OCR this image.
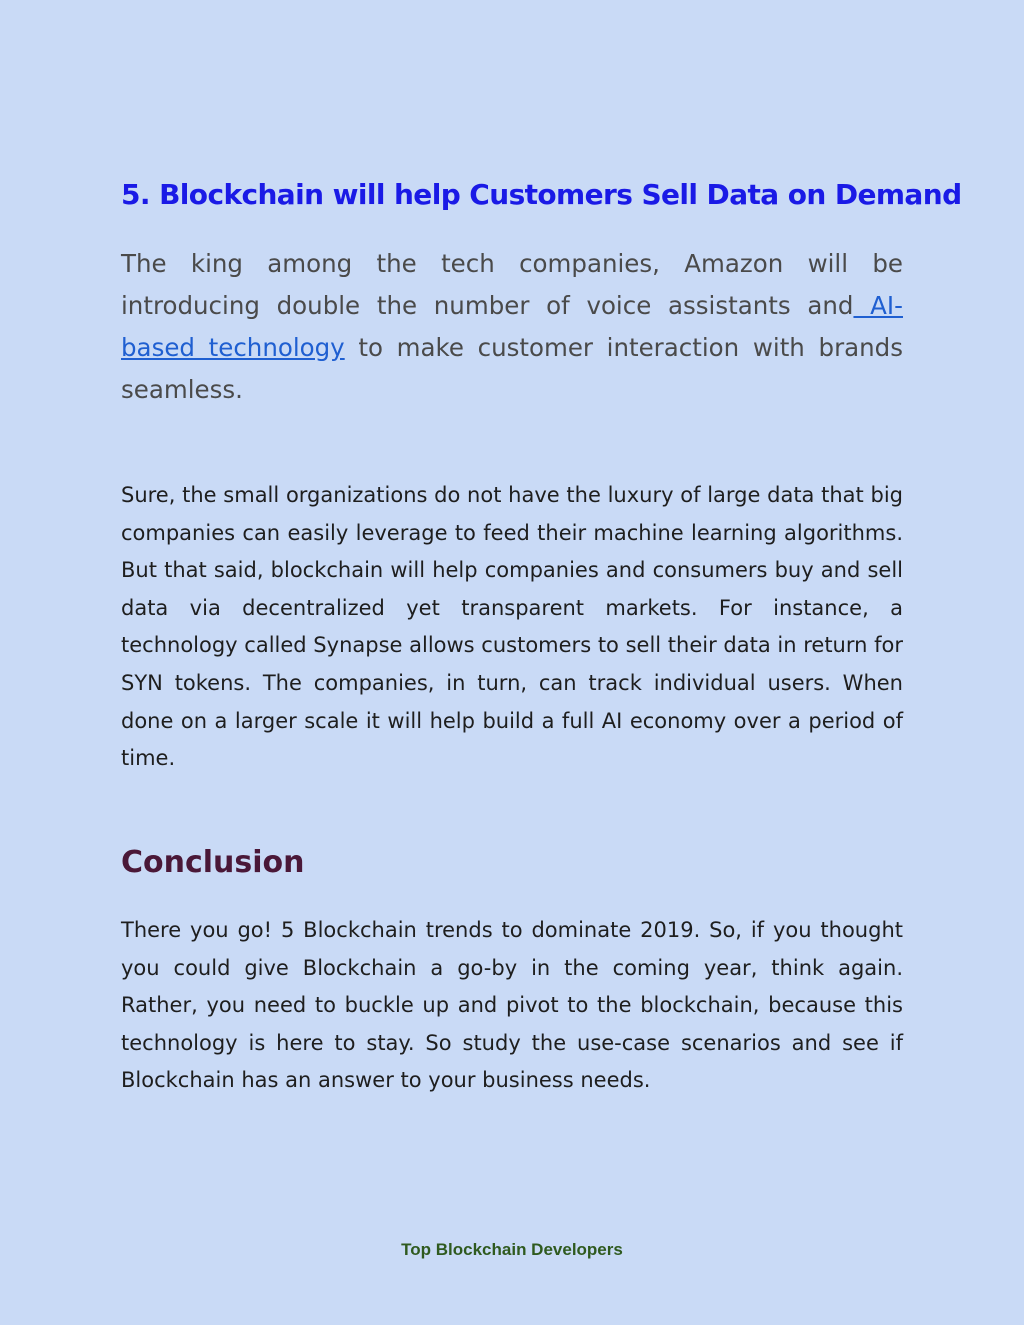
5. Blockchain will help Customers Sell Data on Demand

The king among the tech companies, Amazon will be introducing double the number of voice assistants and AI-based technology to make customer interaction with brands seamless.

Sure, the small organizations do not have the luxury of large data that big companies can easily leverage to feed their machine learning algorithms. But that said, blockchain will help companies and consumers buy and sell data via decentralized yet transparent markets. For instance, a technology called Synapse allows customers to sell their data in return for SYN tokens. The companies, in turn, can track individual users. When done on a larger scale it will help build a full AI economy over a period of time.

Conclusion

There you go! 5 Blockchain trends to dominate 2019. So, if you thought you could give Blockchain a go-by in the coming year, think again. Rather, you need to buckle up and pivot to the blockchain, because this technology is here to stay. So study the use-case scenarios and see if Blockchain has an answer to your business needs.

Top Blockchain Developers
